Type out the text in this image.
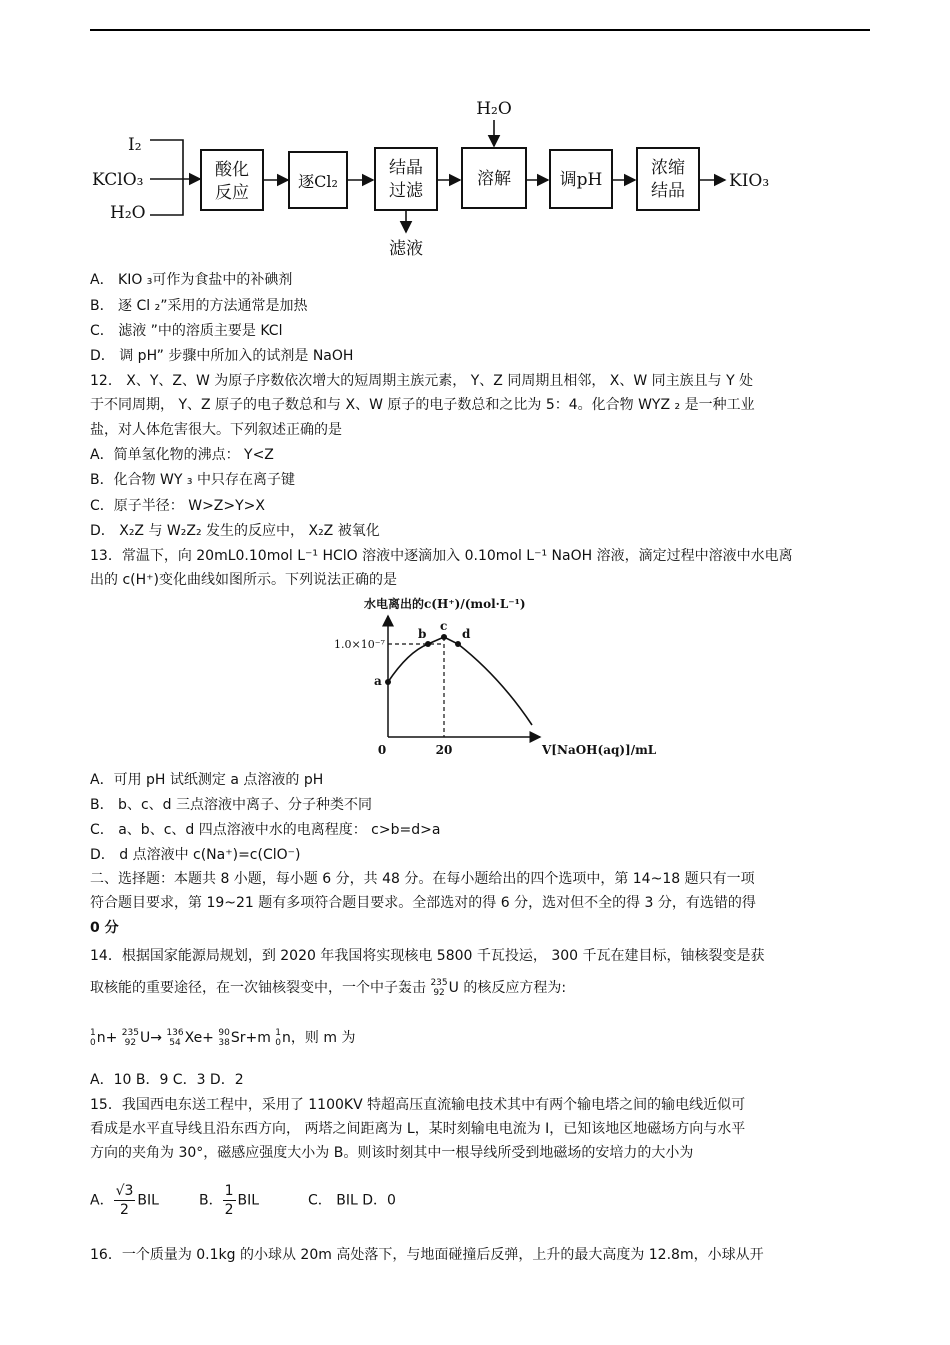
I₂
KClO₃
H₂O
酸化
反应
逐Cl₂
结晶
过滤
滤液
溶解
H₂O
调pH
浓缩
结品	KIO₃
A． KIO ₃可作为食盐中的补碘剂
B． 逐 Cl ₂”采用的方法通常是加热
C． 滤液 ”中的溶质主要是 KCl
D． 调 pH” 步骤中所加入的试剂是 NaOH
12． X、Y、Z、W 为原子序数依次增大的短周期主族元素， Y、Z 同周期且相邻， X、W 同主族且与 Y 处
于不同周期， Y、Z 原子的电子数总和与 X、W 原子的电子数总和之比为 5：4。化合物 WYZ ₂ 是一种工业
盐，对人体危害很大。下列叙述正确的是
A．简单氢化物的沸点： Y<Z
B．化合物 WY ₃ 中只存在离子键
C．原子半径： W>Z>Y>X
D． X₂Z 与 W₂Z₂ 发生的反应中， X₂Z 被氧化
13．常温下，向 20mL0.10mol L⁻¹ HClO 溶液中逐滴加入 0.10mol L⁻¹ NaOH 溶液，滴定过程中溶液中水电离
出的 c(H⁺)变化曲线如图所示。下列说法正确的是
水电离出的c(H⁺)/(mol·L⁻¹)
V[NaOH(aq)]/mL
0	20
1.0×10⁻⁷
a
b
c
d
A．可用 pH 试纸测定 a 点溶液的 pH
B． b、c、d 三点溶液中离子、分子种类不同
C． a、b、c、d 四点溶液中水的电离程度： c>b=d>a
D． d 点溶液中 c(Na⁺)=c(ClO⁻)
二、选择题：本题共 8 小题，每小题 6 分，共 48 分。在每小题给出的四个选项中，第 14~18 题只有一项
符合题目要求，第 19~21 题有多项符合题目要求。全部选对的得 6 分，选对但不全的得 3 分，有选错的得
0 分
14．根据国家能源局规划，到 2020 年我国将实现核电 5800 千瓦投运， 300 千瓦在建目标，铀核裂变是获
取核能的重要途径，在一次铀核裂变中，一个中子轰击 235
92 U 的核反应方程为:
1
0n+ 235
92 U→ 136
54 Xe+ 90
38Sr+m 1
0n，则 m 为
A．10 B．9 C．3 D．2
15．我国西电东送工程中，采用了 1100KV 特超高压直流输电技术其中有两个输电塔之间的输电线近似可
看成是水平直导线且沿东西方向， 两塔之间距离为 L，某时刻输电电流为 I，已知该地区地磁场方向与水平
方向的夹角为 30°，磁感应强度大小为 B。则该时刻其中一根导线所受到地磁场的安培力的大小为
A． $\frac{√3}{2}$ BIL         B． $\frac{1}{2}$ BIL           C． BIL D．0
16．一个质量为 0.1kg 的小球从 20m 高处落下，与地面碰撞后反弹，上升的最大高度为 12.8m，小球从开
